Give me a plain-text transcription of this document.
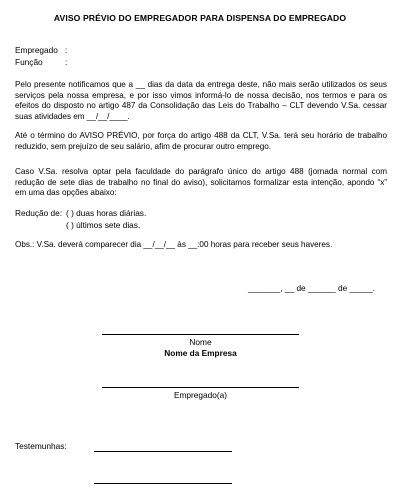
AVISO PRÉVIO DO EMPREGADOR PARA DISPENSA DO EMPREGADO
Empregado :
Função	:
Pelo presente notificamos que a __ dias da data da entrega deste, não mais serão utilizados os seus serviços pela nossa empresa, e por isso vimos informá-lo de nossa decisão, nos termos e para os efeitos do disposto no artigo 487 da Consolidação das Leis do Trabalho – CLT devendo V.Sa. cessar suas atividades em __/__/____.
Até o término do AVISO PRÉVIO, por força do artigo 488 da CLT, V.Sa. terá seu horário de trabalho reduzido, sem prejuízo de seu salário, afim de procurar outro emprego.
Caso V.Sa. resolva optar pela faculdade do parágrafo único do artigo 488 (jornada normal com redução de sete dias de trabalho no final do aviso), solicitamos formalizar esta intenção, apondo “x” em uma das opções abaixo:
Redução de: ( ) duas horas diárias.
( ) últimos sete dias.
Obs.: V.Sa. deverá comparecer dia __/__/__ às __:00 horas para receber seus haveres.
_______, __ de ______ de _____.
Nome
Nome da Empresa
Empregado(a)
Testemunhas:
